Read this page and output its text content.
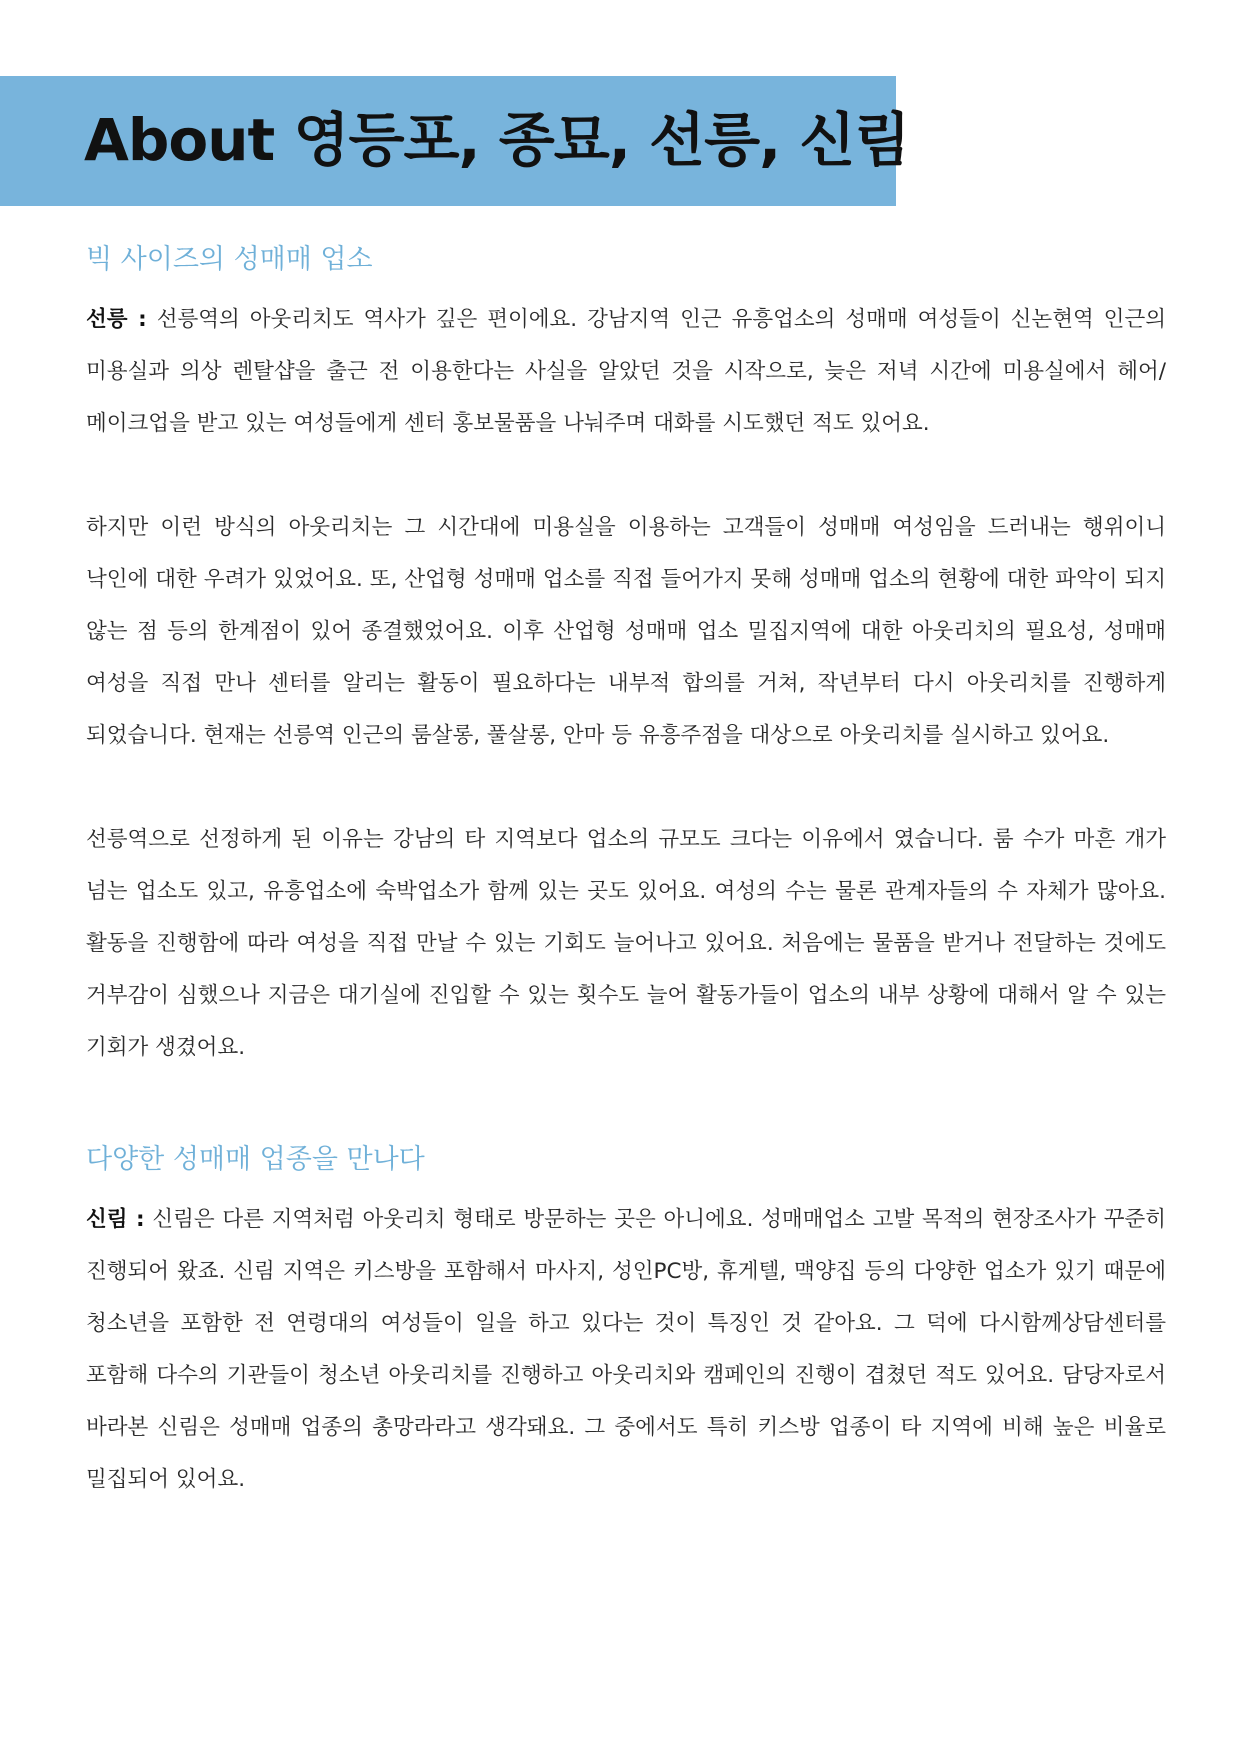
About 영등포, 종묘, 선릉, 신림
빅 사이즈의 성매매 업소

선릉 : 선릉역의 아웃리치도 역사가 깊은 편이에요. 강남지역 인근 유흥업소의 성매매 여성들이 신논현역 인근의 미용실과 의상 렌탈샵을 출근 전 이용한다는 사실을 알았던 것을 시작으로, 늦은 저녁 시간에 미용실에서 헤어/메이크업을 받고 있는 여성들에게 센터 홍보물품을 나눠주며 대화를 시도했던 적도 있어요.

하지만 이런 방식의 아웃리치는 그 시간대에 미용실을 이용하는 고객들이 성매매 여성임을 드러내는 행위이니 낙인에 대한 우려가 있었어요. 또, 산업형 성매매 업소를 직접 들어가지 못해 성매매 업소의 현황에 대한 파악이 되지 않는 점 등의 한계점이 있어 종결했었어요. 이후 산업형 성매매 업소 밀집지역에 대한 아웃리치의 필요성, 성매매 여성을 직접 만나 센터를 알리는 활동이 필요하다는 내부적 합의를 거쳐, 작년부터 다시 아웃리치를 진행하게 되었습니다. 현재는 선릉역 인근의 룸살롱, 풀살롱, 안마 등 유흥주점을 대상으로 아웃리치를 실시하고 있어요.

선릉역으로 선정하게 된 이유는 강남의 타 지역보다 업소의 규모도 크다는 이유에서 였습니다. 룸 수가 마흔 개가 넘는 업소도 있고, 유흥업소에 숙박업소가 함께 있는 곳도 있어요. 여성의 수는 물론 관계자들의 수 자체가 많아요. 활동을 진행함에 따라 여성을 직접 만날 수 있는 기회도 늘어나고 있어요. 처음에는 물품을 받거나 전달하는 것에도 거부감이 심했으나 지금은 대기실에 진입할 수 있는 횟수도 늘어 활동가들이 업소의 내부 상황에 대해서 알 수 있는 기회가 생겼어요.

다양한 성매매 업종을 만나다

신림 : 신림은 다른 지역처럼 아웃리치 형태로 방문하는 곳은 아니에요. 성매매업소 고발 목적의 현장조사가 꾸준히 진행되어 왔죠. 신림 지역은 키스방을 포함해서 마사지, 성인PC방, 휴게텔, 맥양집 등의 다양한 업소가 있기 때문에 청소년을 포함한 전 연령대의 여성들이 일을 하고 있다는 것이 특징인 것 같아요. 그 덕에 다시함께상담센터를 포함해 다수의 기관들이 청소년 아웃리치를 진행하고 아웃리치와 캠페인의 진행이 겹쳤던 적도 있어요. 담당자로서 바라본 신림은 성매매 업종의 총망라라고 생각돼요. 그 중에서도 특히 키스방 업종이 타 지역에 비해 높은 비율로 밀집되어 있어요.
